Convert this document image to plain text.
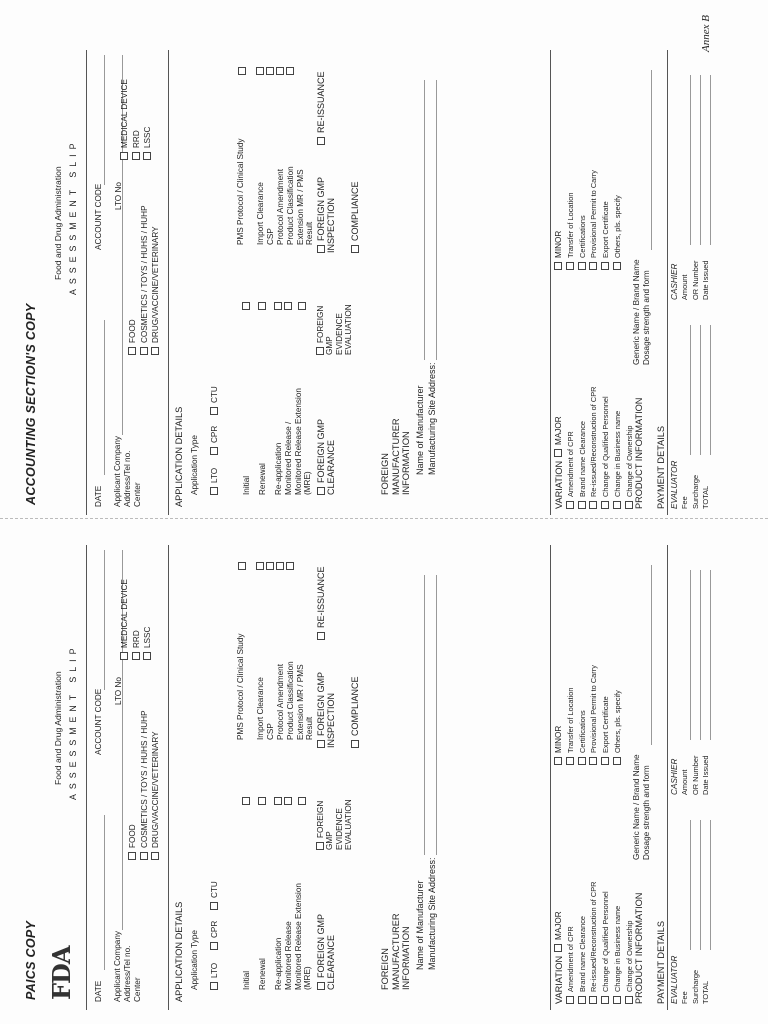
Annex B
PAICS COPY FDA
Food and Drug Administration ASSESSMENT SLIP
DATE
ACCOUNT CODE
Applicant Company Address/Tel no. Center
LTO No
FOOD COSMETICS / TOYS / HUHS / HUHP DRUG/VACCINE/VETERINARY
MEDICAL DEVICE RRD LSSC
APPLICATION DETAILS Application Type LTO
CPR
CTU
Initial Renewal Re-application Monitored Release Monitored Release Extension (MRE)
PMS Protocol / Clinical Study Import Clearance CSP Protocol Amendment Product Classification Extension MR / PMS Result
FOREIGN GMP CLEARANCE
FOREIGN GMP EVIDENCE EVALUATION
FOREIGN GMP INSPECTION COMPLIANCE
RE-ISSUANCE
FOREIGN MANUFACTURER INFORMATION Name of Manufacturer Manufacturing Site Address:
ACCOUNTING SECTION'S COPY
Food and Drug Administration ASSESSMENT SLIP
DATE
ACCOUNT CODE
Applicant Company Address/Tel no. Center
LTO No
FOOD COSMETICS / TOYS / HUHS / HUHP DRUG/VACCINE/VETERINARY
MEDICAL DEVICE RRD LSSC
APPLICATION DETAILS Application Type LTO
CPR
CTU
Initial Renewal Re-application Monitored Release / Monitored Release Extension (MRE)
PMS Protocol / Clinical Study Import Clearance CSP Protocol Amendment Product Classification Extension MR / PMS Result
FOREIGN GMP CLEARANCE
FOREIGN GMP EVIDENCE EVALUATION
FOREIGN GMP INSPECTION COMPLIANCE
RE-ISSUANCE
FOREIGN MANUFACTURER INFORMATION Name of Manufacturer Manufacturing Site Address:
VARIATION
MAJOR
MINOR
Amendment of CPR Brand name Clearance Re-issued/Reconstruction of CPR Change of Qualified Personnel Change in Business name Change of Ownership
Transfer of Location Certifications Provisional Permit to Carry Export Certificate Others, pls. specify
PRODUCT INFORMATION
Generic Name / Brand Name Dosage strength and form
PAYMENT DETAILS EVALUATOR
CASHIER
Fee Surcharge TOTAL
Amount OR Number Date Issued
VARIATION
MAJOR
MINOR
Amendment of CPR Brand name Clearance Re-issued/Reconstruction of CPR Change of Qualified Personnel Change in Business name Change of Ownership
Transfer of Location Certifications Provisional Permit to Carry Export Certificate Others, pls. specify
PRODUCT INFORMATION
Generic Name / Brand Name Dosage strength and form
PAYMENT DETAILS EVALUATOR
CASHIER
Fee Surcharge TOTAL
Amount OR Number Date Issued
